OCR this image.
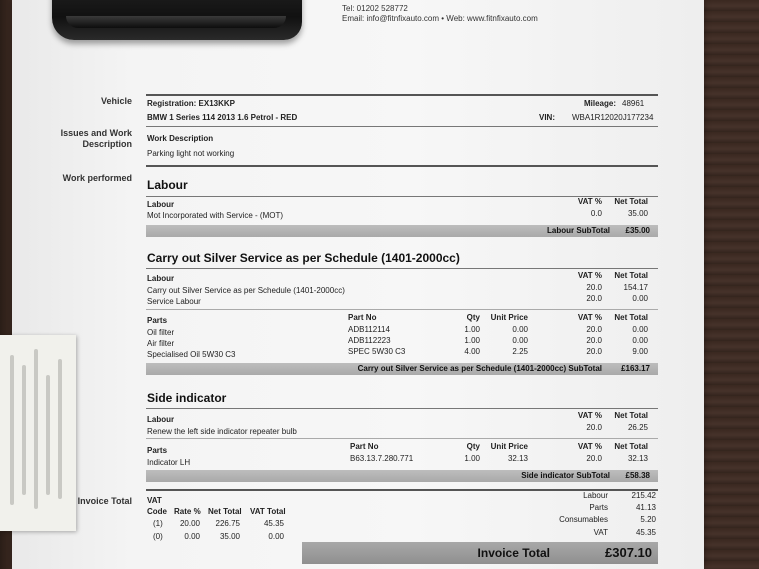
Tel: 01202 528772
Email: info@fitnfixauto.com • Web: www.fitnfixauto.com
Vehicle
Issues and Work Description
Work performed
Invoice Total
Registration: EX13KKP
BMW 1 Series 114 2013 1.6 Petrol - RED
Mileage: 48961
VIN: WBA1R12020J177234
Work Description
Parking light not working
Labour
Labour	VAT %	Net Total
Mot Incorporated with Service - (MOT)	0.0	35.00
Labour SubTotal £35.00
Carry out Silver Service as per Schedule (1401-2000cc)
Labour	VAT %	Net Total
Carry out Silver Service as per Schedule (1401-2000cc)	20.0	154.17
Service Labour	20.0	0.00
Parts	Part No	Qty	Unit Price	VAT %	Net Total
Oil filter	ADB112114	1.00	0.00	20.0	0.00
Air filter	ADB112223	1.00	0.00	20.0	0.00
Specialised Oil 5W30 C3	SPEC 5W30 C3	4.00	2.25	20.0	9.00
Carry out Silver Service as per Schedule (1401-2000cc) SubTotal £163.17
Side indicator
Labour	VAT %	Net Total
Renew the left side indicator repeater bulb	20.0	26.25
Parts	Part No	Qty	Unit Price	VAT %	Net Total
Indicator LH	B63.13.7.280.771	1.00	32.13	20.0	32.13
Side indicator SubTotal £58.38
VAT
Code Rate % Net Total VAT Total
(1)	20.00	226.75	45.35
(0)	0.00	35.00	0.00
Labour	215.42
Parts	41.13
Consumables	5.20
VAT	45.35
Invoice Total	£307.10
